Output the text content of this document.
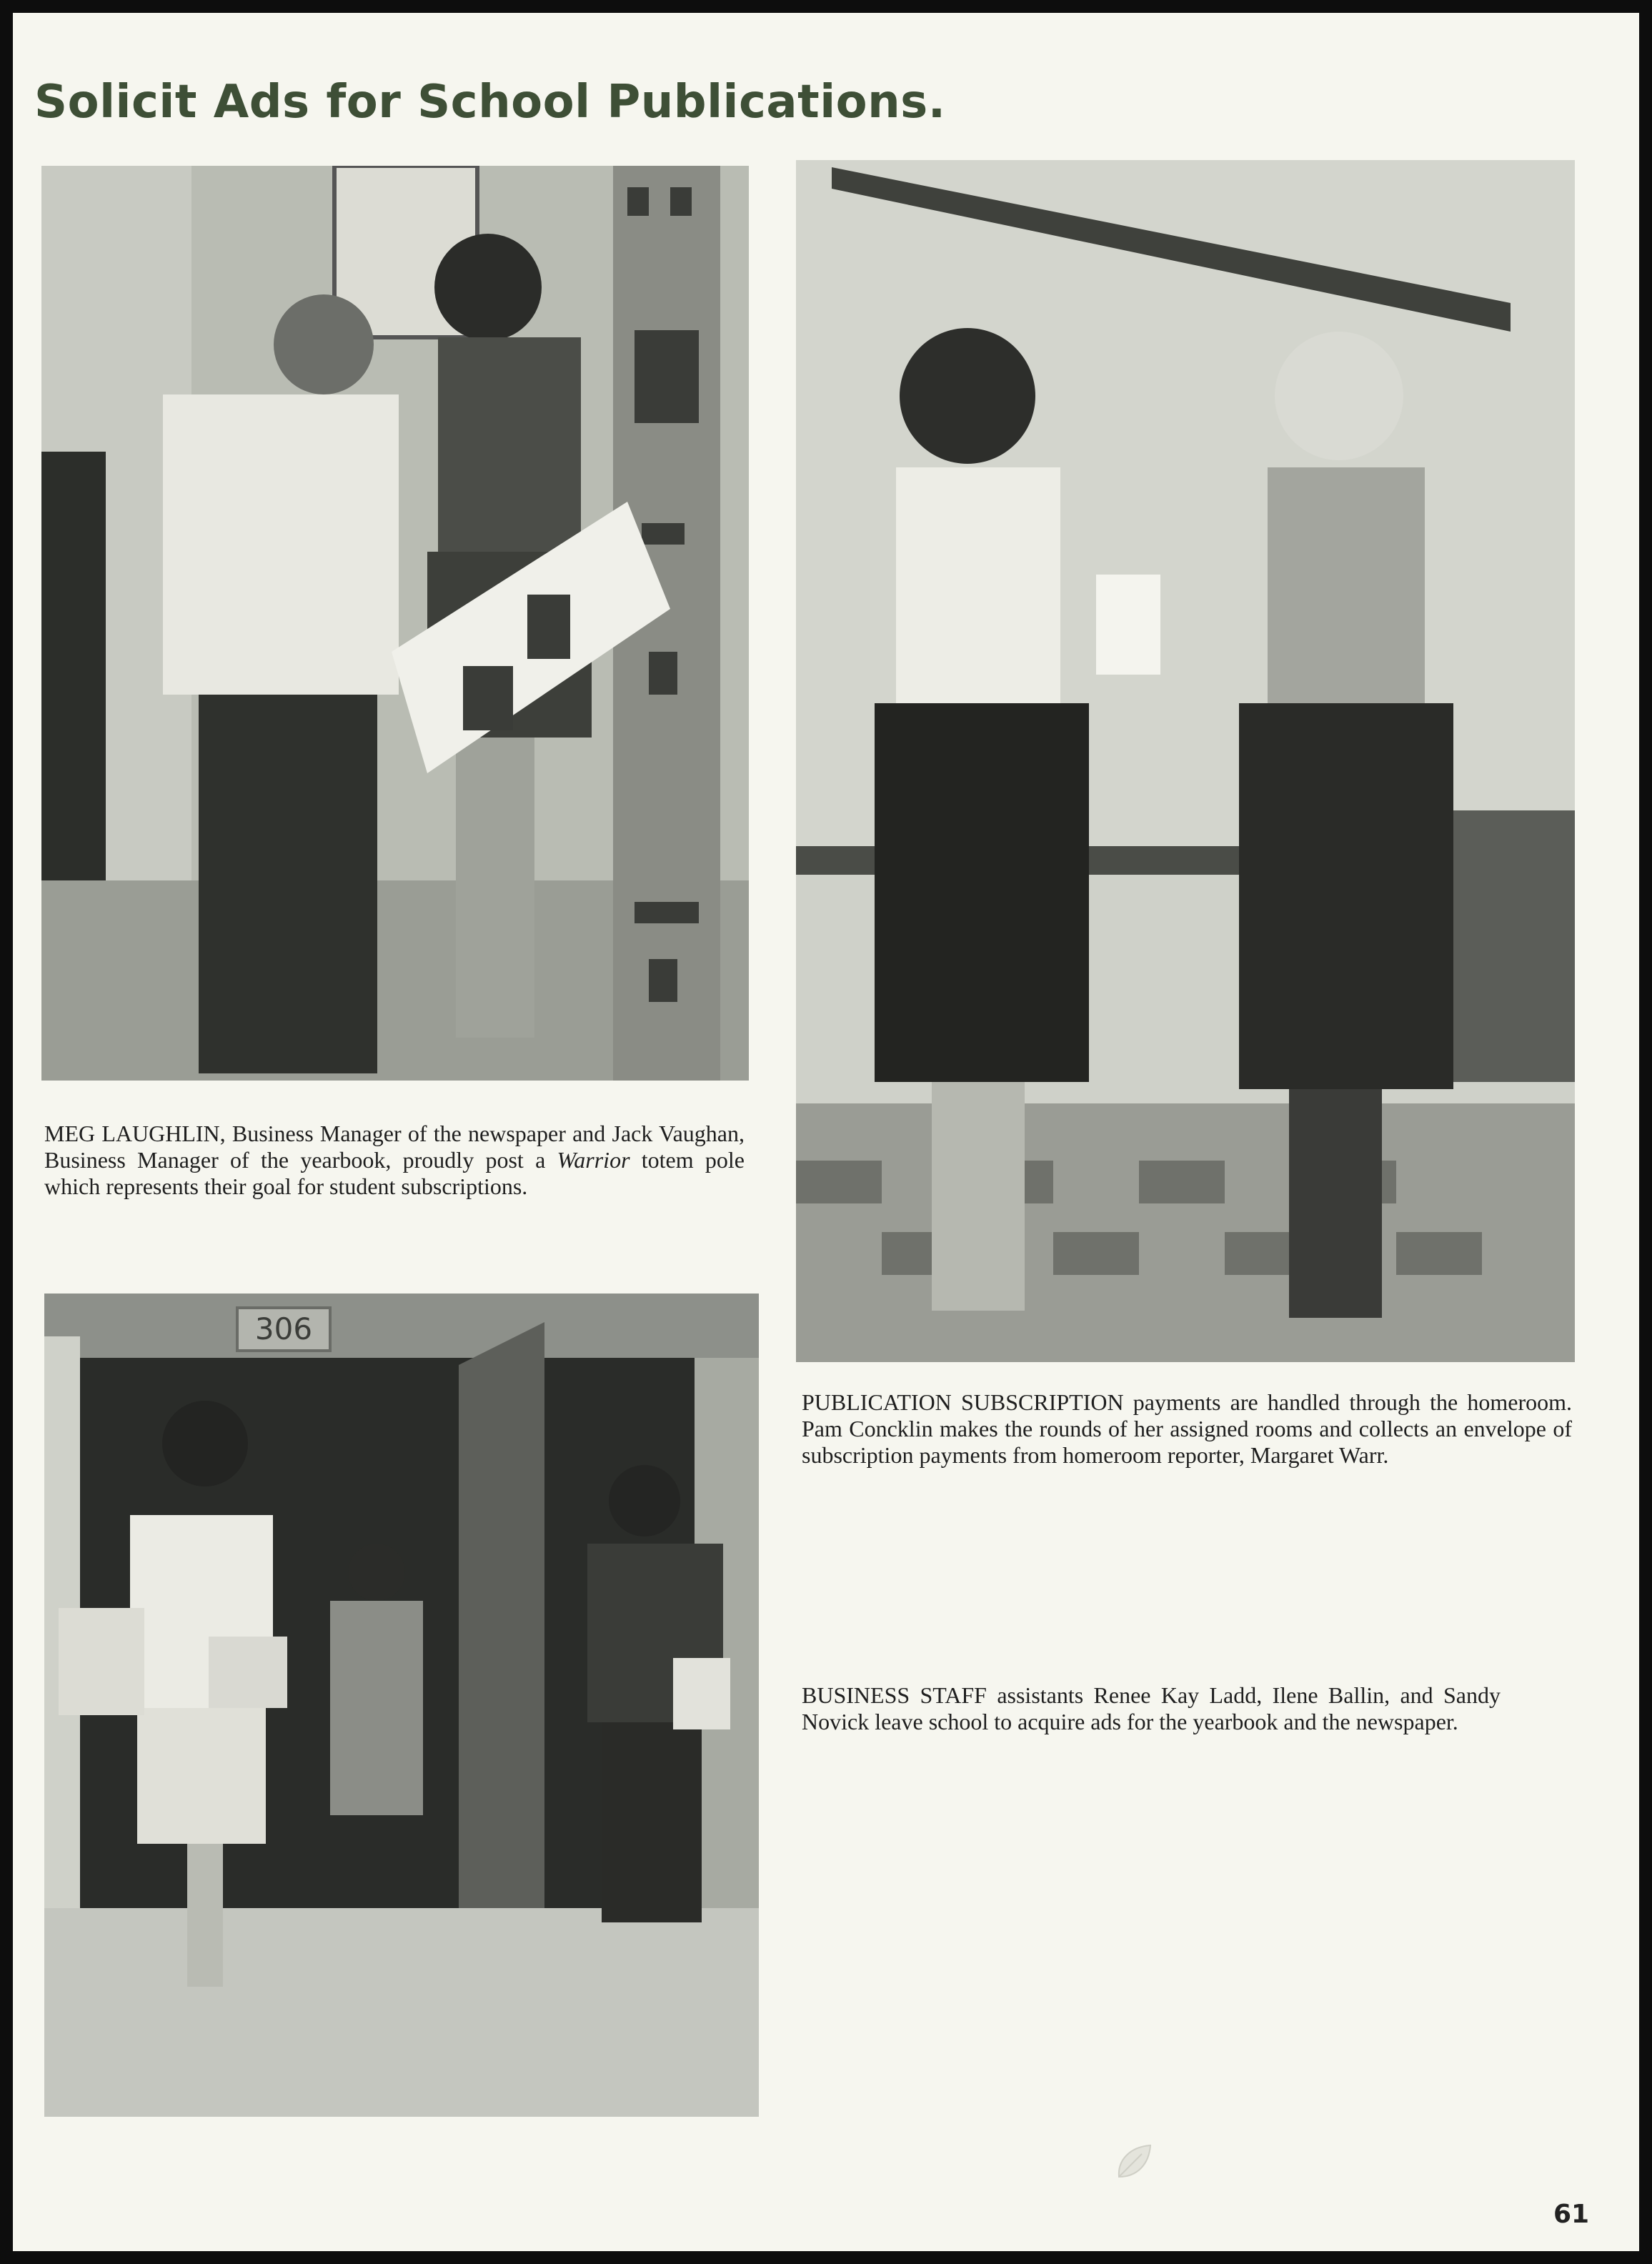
Solicit Ads for School Publications.

MEG LAUGHLIN, Business Manager of the newspaper and Jack Vaughan, Business Manager of the yearbook, proudly post a Warrior totem pole which represents their goal for student subscriptions.

306

PUBLICATION SUBSCRIPTION payments are handled through the homeroom. Pam Concklin makes the rounds of her assigned rooms and collects an envelope of subscription payments from homeroom reporter, Margaret Warr.

BUSINESS STAFF assistants Renee Kay Ladd, Ilene Ballin, and Sandy Novick leave school to acquire ads for the yearbook and the newspaper.

61
